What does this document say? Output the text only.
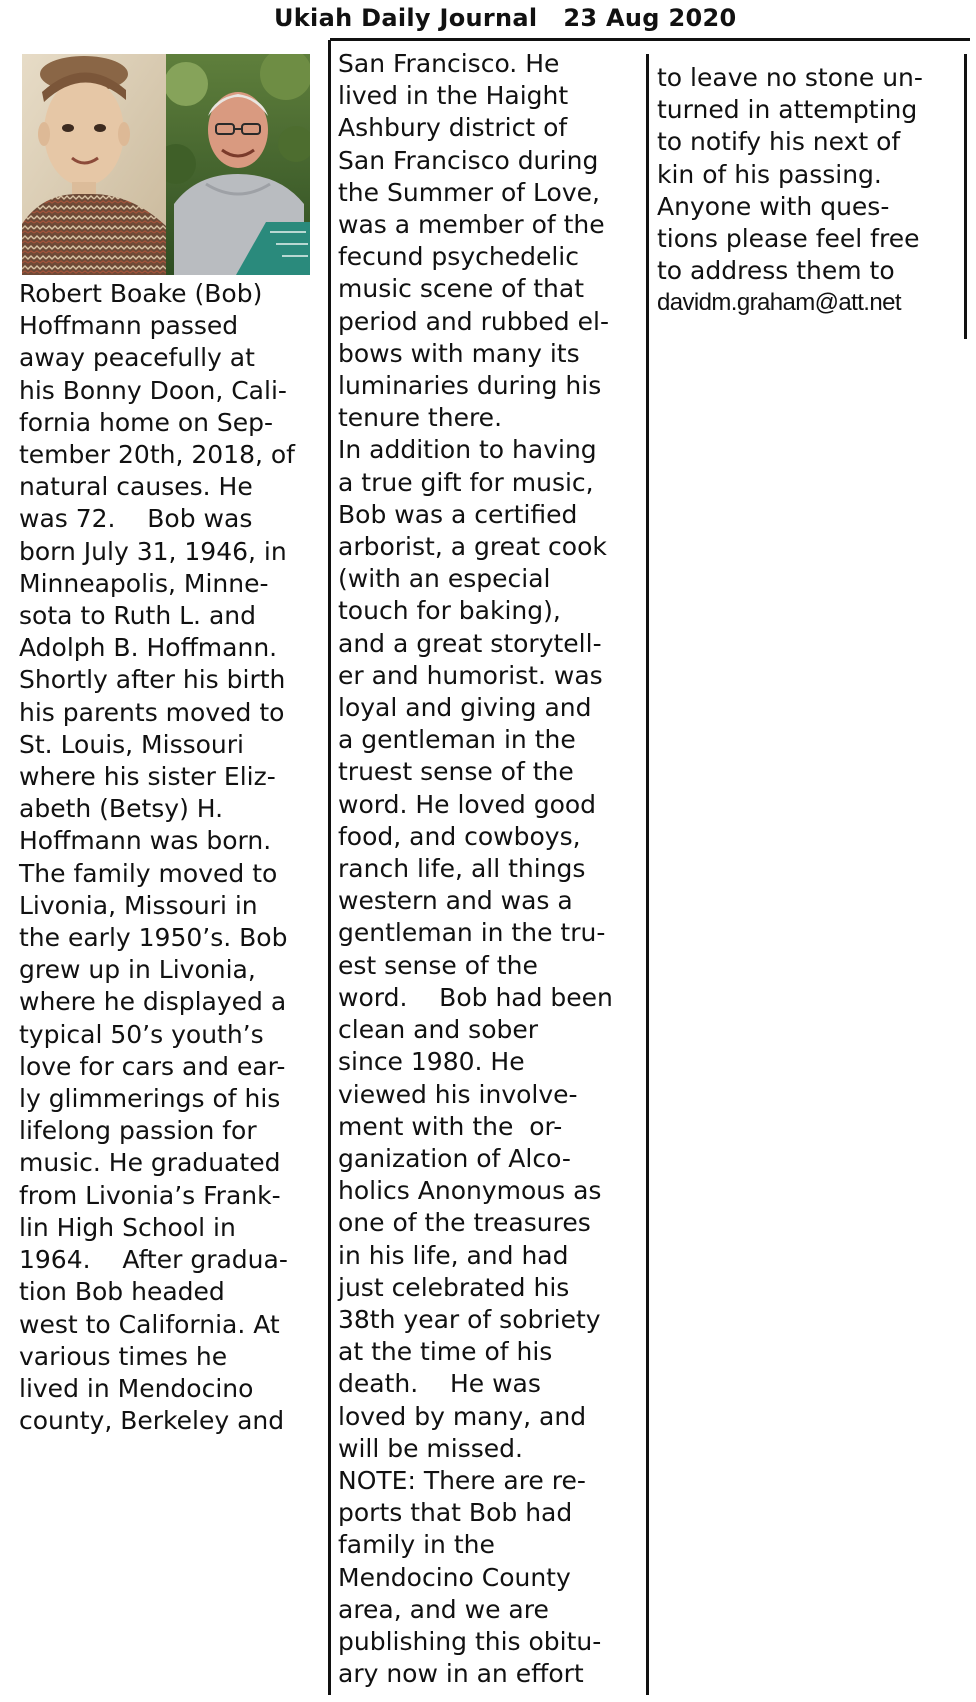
Ukiah Daily Journal   23 Aug 2020
Robert Boake (Bob)
Hoffmann passed
away peacefully at
his Bonny Doon, Cali-
fornia home on Sep-
tember 20th, 2018, of
natural causes. He
was 72.    Bob was
born July 31, 1946, in
Minneapolis, Minne-
sota to Ruth L. and
Adolph B. Hoffmann.
Shortly after his birth
his parents moved to
St. Louis, Missouri
where his sister Eliz-
abeth (Betsy) H.
Hoffmann was born.
The family moved to
Livonia, Missouri in
the early 1950’s. Bob
grew up in Livonia,
where he displayed a
typical 50’s youth’s
love for cars and ear-
ly glimmerings of his
lifelong passion for
music. He graduated
from Livonia’s Frank-
lin High School in
1964.    After gradua-
tion Bob headed
west to California. At
various times he
lived in Mendocino
county, Berkeley and
San Francisco. He
lived in the Haight
Ashbury district of
San Francisco during
the Summer of Love,
was a member of the
fecund psychedelic
music scene of that
period and rubbed el-
bows with many its
luminaries during his
tenure there.
In addition to having
a true gift for music,
Bob was a certified
arborist, a great cook
(with an especial
touch for baking),
and a great storytell-
er and humorist. was
loyal and giving and
a gentleman in the
truest sense of the
word. He loved good
food, and cowboys,
ranch life, all things
western and was a
gentleman in the tru-
est sense of the
word.    Bob had been
clean and sober
since 1980. He
viewed his involve-
ment with the  or-
ganization of Alco-
holics Anonymous as
one of the treasures
in his life, and had
just celebrated his
38th year of sobriety
at the time of his
death.    He was
loved by many, and
will be missed.
NOTE: There are re-
ports that Bob had
family in the
Mendocino County
area, and we are
publishing this obitu-
ary now in an effort
to leave no stone un-
turned in attempting
to notify his next of
kin of his passing.
Anyone with ques-
tions please feel free
to address them to
davidm.graham@att.net
